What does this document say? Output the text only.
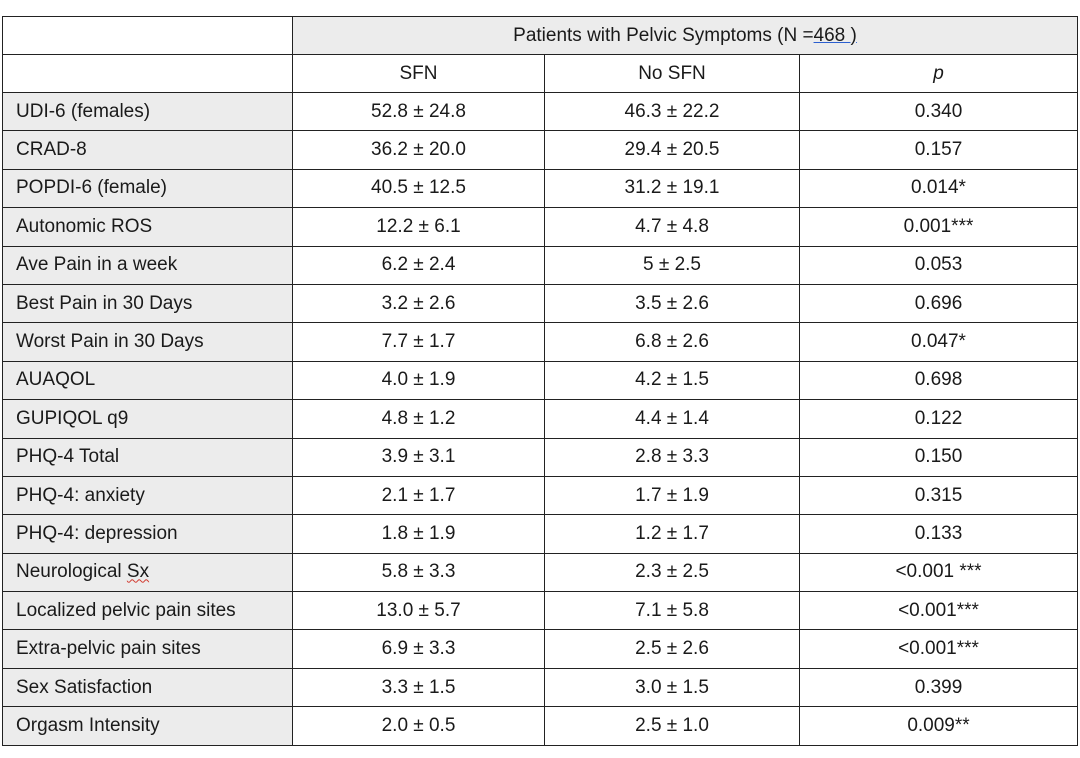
	Patients with Pelvic Symptoms (N =468 )		
	SFN	No SFN	p
UDI-6 (females)	52.8 ± 24.8	46.3 ± 22.2	0.340
CRAD-8	36.2 ± 20.0	29.4 ± 20.5	0.157
POPDI-6 (female)	40.5 ± 12.5	31.2 ± 19.1	0.014*
Autonomic ROS	12.2 ± 6.1	4.7 ± 4.8	0.001***
Ave Pain in a week	6.2 ± 2.4	5 ± 2.5	0.053
Best Pain in 30 Days	3.2 ± 2.6	3.5 ± 2.6	0.696
Worst Pain in 30 Days	7.7 ± 1.7	6.8 ± 2.6	0.047*
AUAQOL	4.0 ± 1.9	4.2 ± 1.5	0.698
GUPIQOL q9	4.8 ± 1.2	4.4 ± 1.4	0.122
PHQ-4 Total	3.9 ± 3.1	2.8 ± 3.3	0.150
PHQ-4: anxiety	2.1 ± 1.7	1.7 ± 1.9	0.315
PHQ-4: depression	1.8 ± 1.9	1.2 ± 1.7	0.133
Neurological Sx	5.8 ± 3.3	2.3 ± 2.5	<0.001 ***
Localized pelvic pain sites	13.0 ± 5.7	7.1 ± 5.8	<0.001***
Extra-pelvic pain sites	6.9 ± 3.3	2.5 ± 2.6	<0.001***
Sex Satisfaction	3.3 ± 1.5	3.0 ± 1.5	0.399
Orgasm Intensity	2.0 ± 0.5	2.5 ± 1.0	0.009**
